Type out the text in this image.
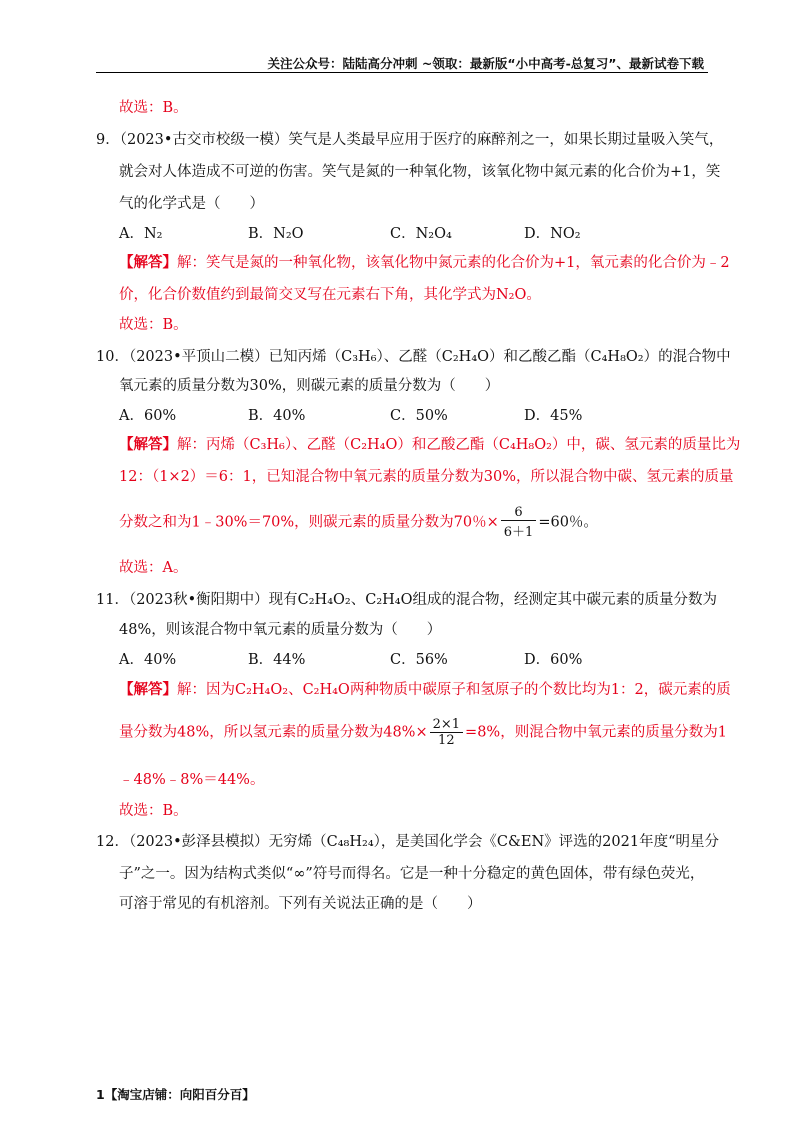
关注公众号：陆陆高分冲刺 ~领取：最新版“小中高考-总复习”、最新试卷下载
故选：B。
9．（2023•古交市校级一模）笑气是人类最早应用于医疗的麻醉剂之一，如果长期过量吸入笑气，
就会对人体造成不可逆的伤害。笑气是氮的一种氧化物，该氧化物中氮元素的化合价为+1，笑
气的化学式是（　　）
A．N₂	B．N₂O	C．N₂O₄	D．NO₂
【解答】解：笑气是氮的一种氧化物，该氧化物中氮元素的化合价为+1，氧元素的化合价为﹣2
价，化合价数值约到最简交叉写在元素右下角，其化学式为N₂O。
故选：B。
10．（2023•平顶山二模）已知丙烯（C₃H₆）、乙醛（C₂H₄O）和乙酸乙酯（C₄H₈O₂）的混合物中
氧元素的质量分数为30%，则碳元素的质量分数为（　　）
A．60%	B．40%	C．50%	D．45%
【解答】解：丙烯（C₃H₆）、乙醛（C₂H₄O）和乙酸乙酯（C₄H₈O₂）中，碳、氢元素的质量比为
12：（1×2）＝6：1，已知混合物中氧元素的质量分数为30%，所以混合物中碳、氢元素的质量
分数之和为1﹣30%＝70%，则碳元素的质量分数为70％× $\frac{6}{6+1} =60$％。
故选：A。
11．（2023秋•衡阳期中）现有C₂H₄O₂、C₂H₄O组成的混合物，经测定其中碳元素的质量分数为
48%，则该混合物中氧元素的质量分数为（　　）
A．40%	B．44%	C．56%	D．60%
【解答】解：因为C₂H₄O₂、C₂H₄O两种物质中碳原子和氢原子的个数比均为1：2，碳元素的质
量分数为48%，所以氢元素的质量分数为$48\%\times \frac{2\times 1}{12} =8\%$，则混合物中氧元素的质量分数为1
﹣48%﹣8%＝44%。
故选：B。
12．（2023•彭泽县模拟）无穷烯（C₄₈H₂₄），是美国化学会《C&EN》评选的2021年度“明星分
子”之一。因为结构式类似“∞”符号而得名。它是一种十分稳定的黄色固体，带有绿色荧光，
可溶于常见的有机溶剂。下列有关说法正确的是（　　）
1【淘宝店铺：向阳百分百】
